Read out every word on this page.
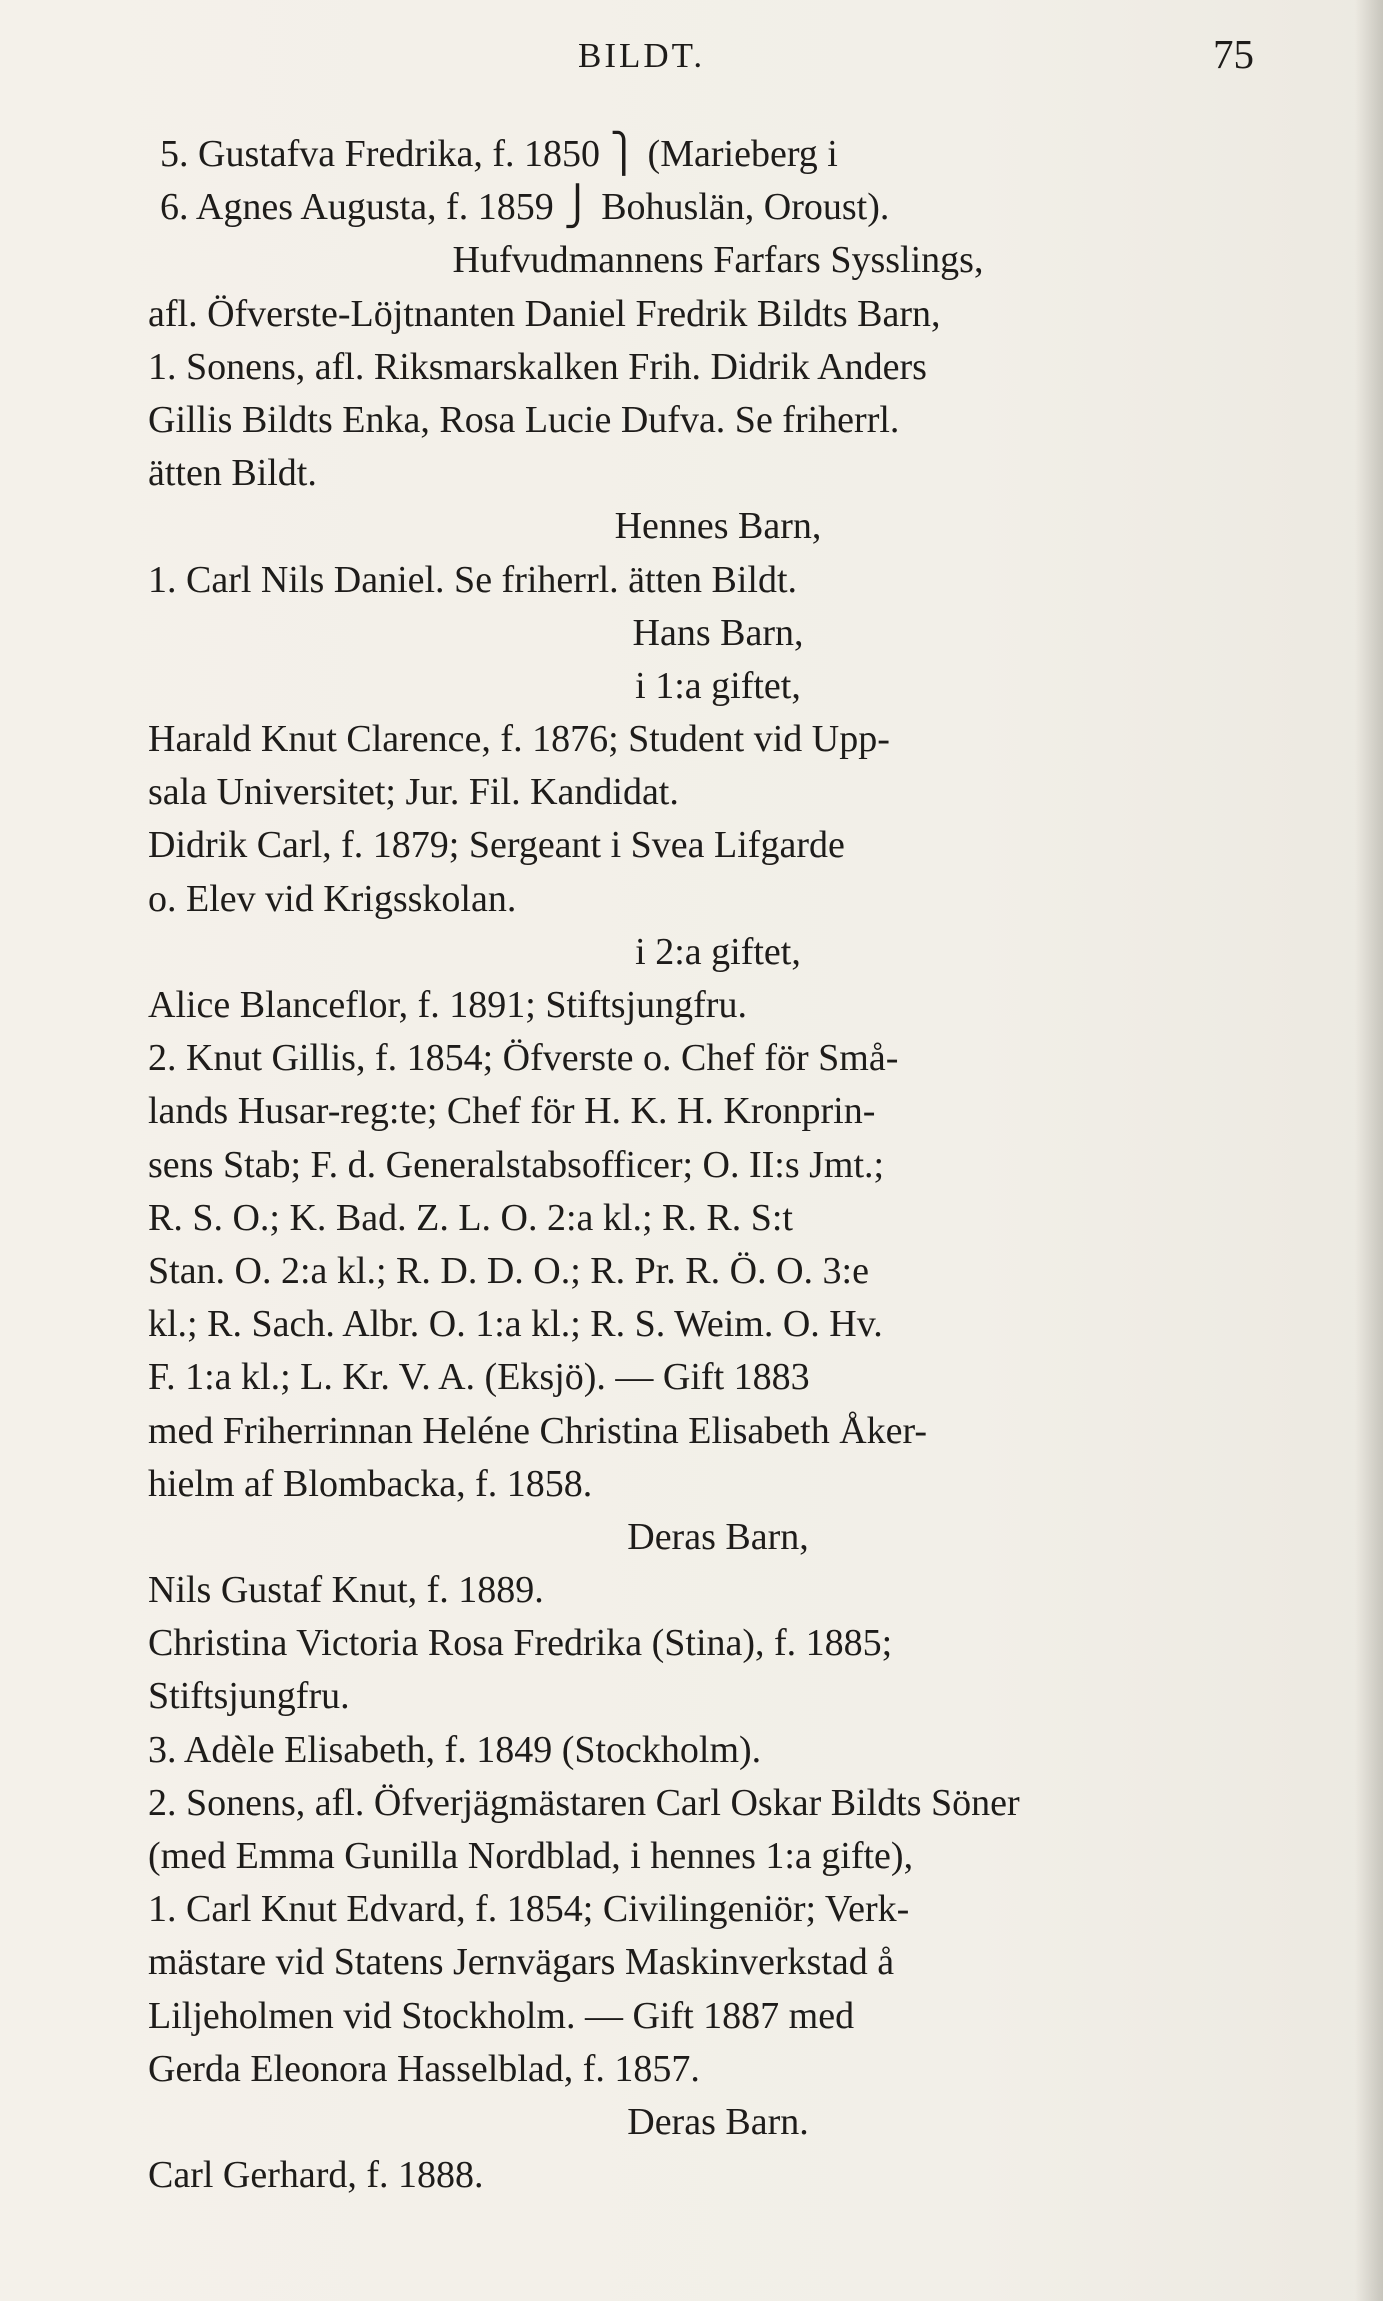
BILDT.	75
5. Gustafva Fredrika, f. 1850 ⎫ (Marieberg i
6. Agnes Augusta, f. 1859 ⎭ Bohuslän, Oroust).
Hufvudmannens Farfars Sysslings,
afl. Öfverste-Löjtnanten Daniel Fredrik Bildts Barn,
1. Sonens, afl. Riksmarskalken Frih. Didrik Anders
Gillis Bildts Enka, Rosa Lucie Dufva. Se friherrl.
ätten Bildt.
Hennes Barn,
1. Carl Nils Daniel. Se friherrl. ätten Bildt.
Hans Barn,
i 1:a giftet,
Harald Knut Clarence, f. 1876; Student vid Upp-
sala Universitet; Jur. Fil. Kandidat.
Didrik Carl, f. 1879; Sergeant i Svea Lifgarde
o. Elev vid Krigsskolan.
i 2:a giftet,
Alice Blanceflor, f. 1891; Stiftsjungfru.
2. Knut Gillis, f. 1854; Öfverste o. Chef för Små-
lands Husar-reg:te; Chef för H. K. H. Kronprin-
sens Stab; F. d. Generalstabsofficer; O. II:s Jmt.;
R. S. O.; K. Bad. Z. L. O. 2:a kl.; R. R. S:t
Stan. O. 2:a kl.; R. D. D. O.; R. Pr. R. Ö. O. 3:e
kl.; R. Sach. Albr. O. 1:a kl.; R. S. Weim. O. Hv.
F. 1:a kl.; L. Kr. V. A. (Eksjö). — Gift 1883
med Friherrinnan Heléne Christina Elisabeth Åker-
hielm af Blombacka, f. 1858.
Deras Barn,
Nils Gustaf Knut, f. 1889.
Christina Victoria Rosa Fredrika (Stina), f. 1885;
Stiftsjungfru.
3. Adèle Elisabeth, f. 1849 (Stockholm).
2. Sonens, afl. Öfverjägmästaren Carl Oskar Bildts Söner
(med Emma Gunilla Nordblad, i hennes 1:a gifte),
1. Carl Knut Edvard, f. 1854; Civilingeniör; Verk-
mästare vid Statens Jernvägars Maskinverkstad å
Liljeholmen vid Stockholm. — Gift 1887 med
Gerda Eleonora Hasselblad, f. 1857.
Deras Barn.
Carl Gerhard, f. 1888.
